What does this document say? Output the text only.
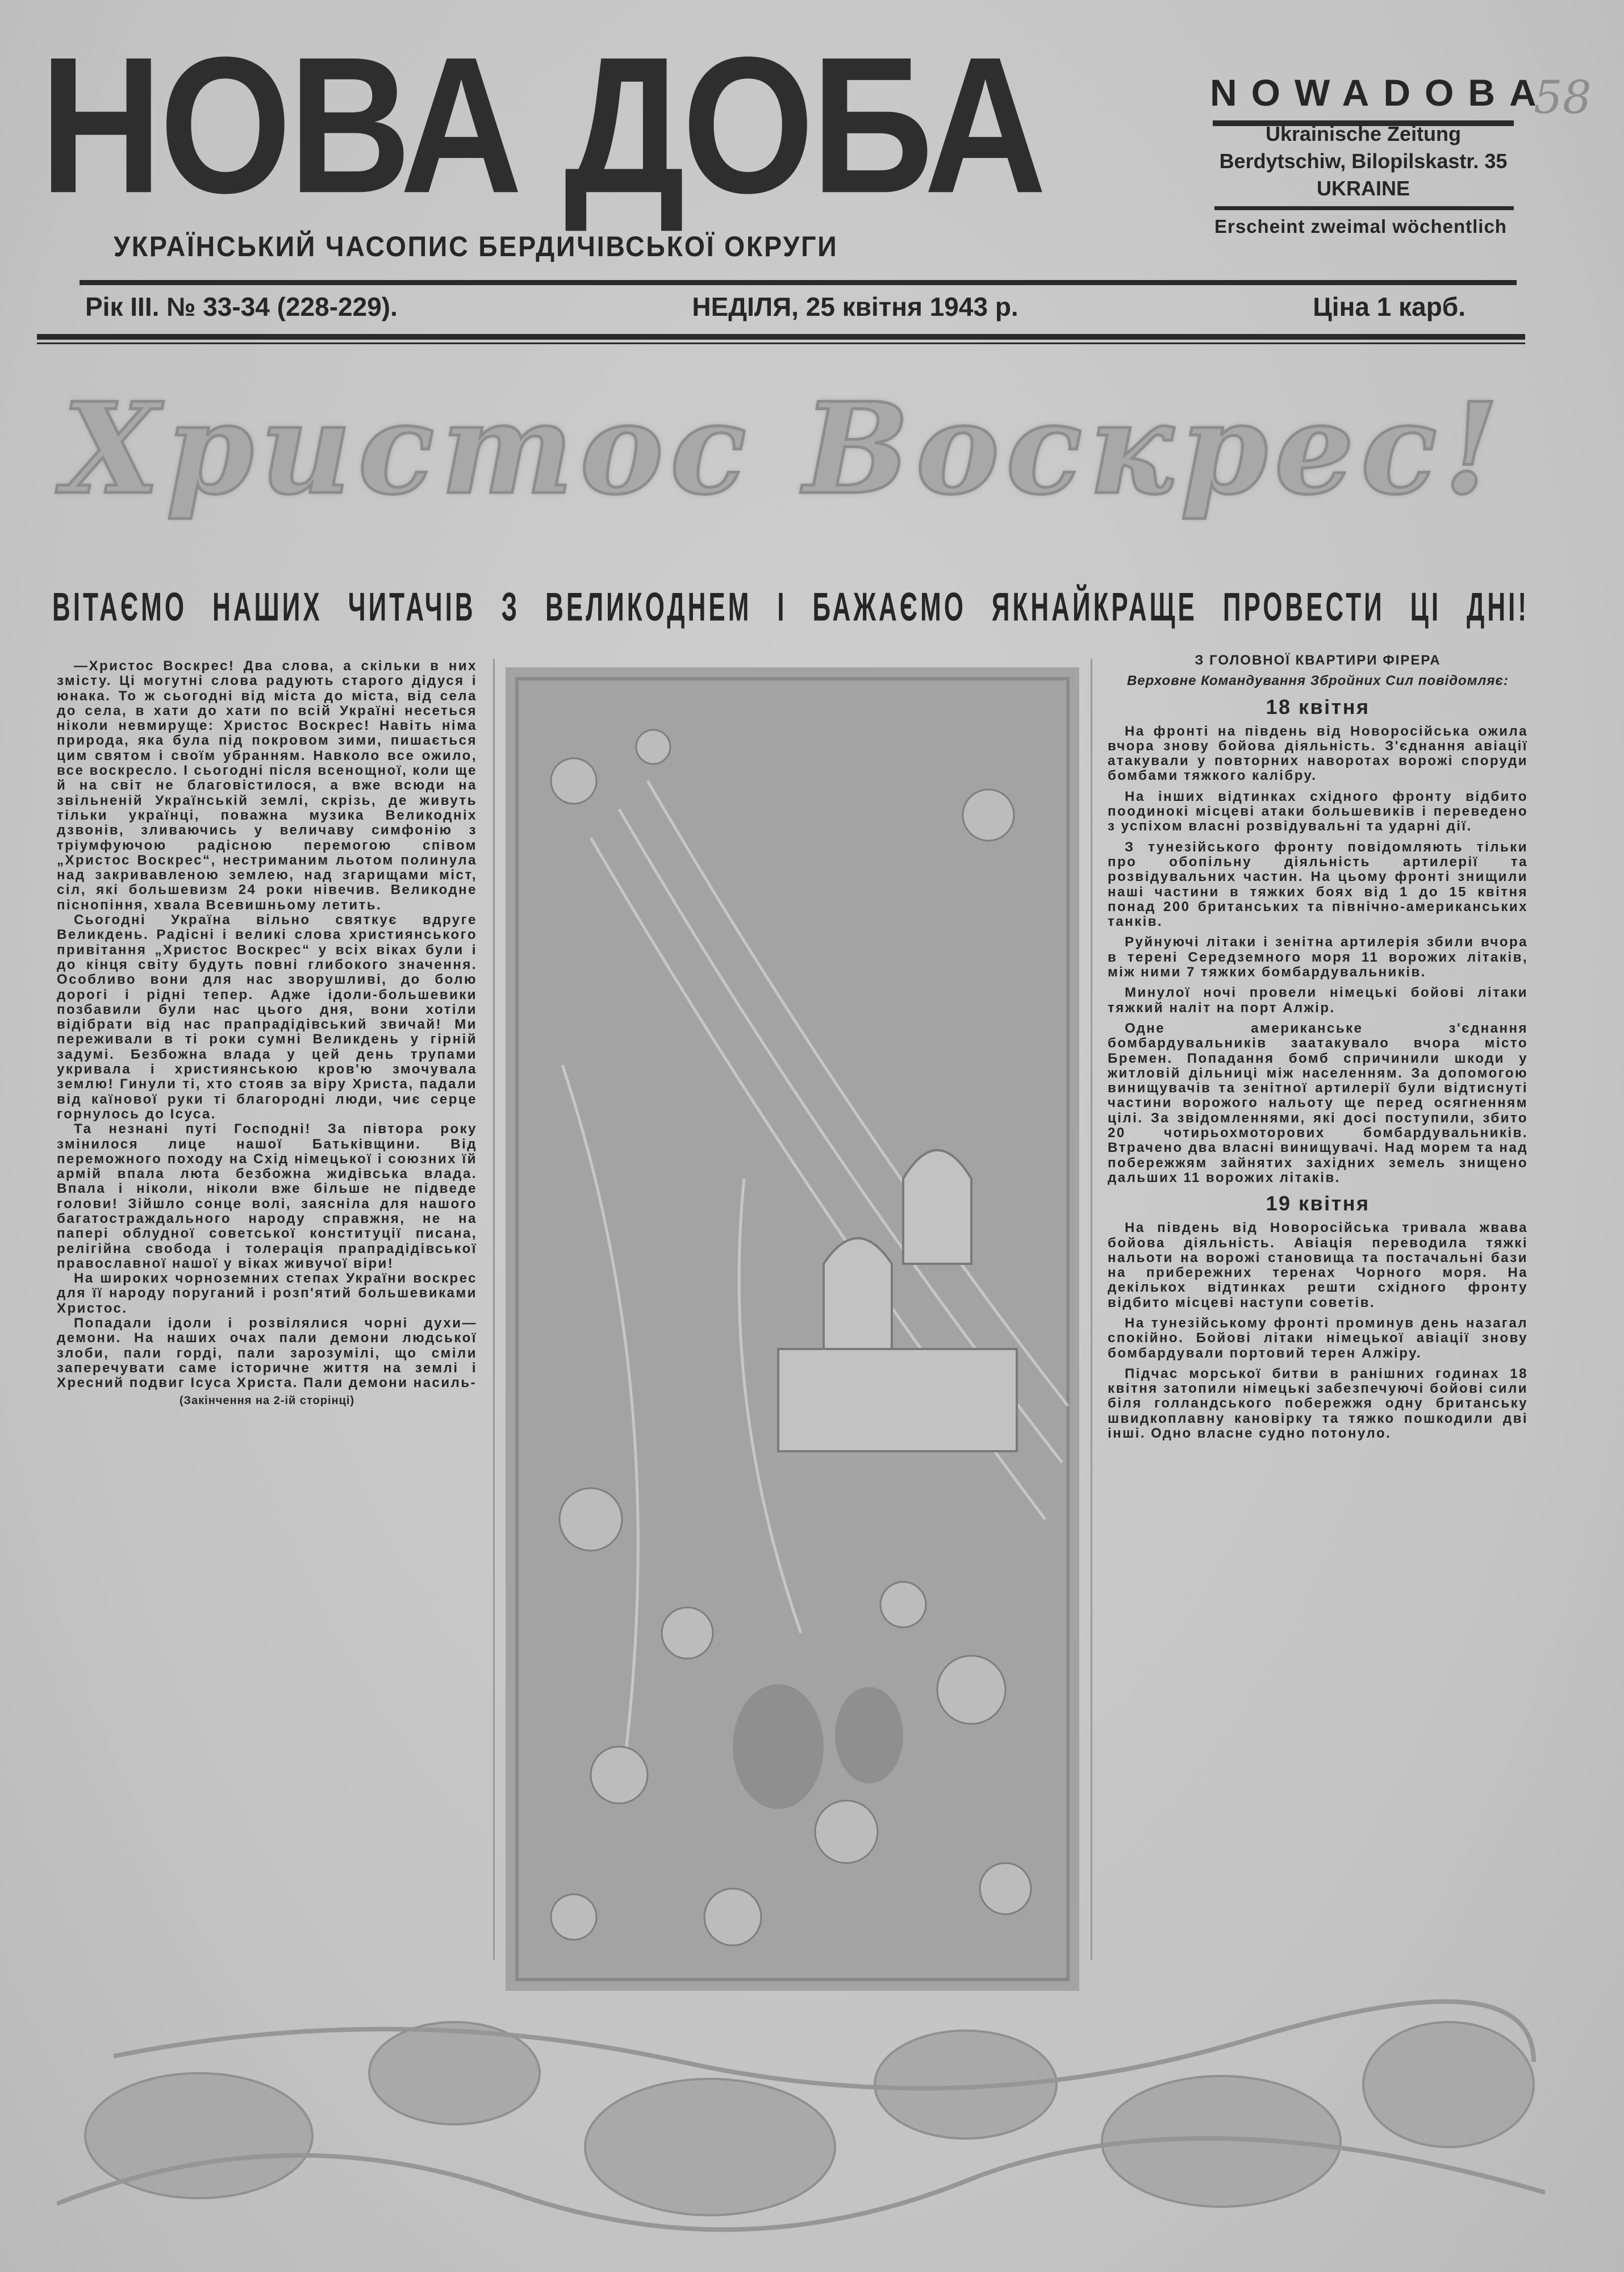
НОВА ДОБА
УКРАЇНСЬКИЙ ЧАСОПИС БЕРДИЧІВСЬКОЇ ОКРУГИ
NOWADOBA
Ukrainische Zeitung
Berdytschiw, Bilopilskastr. 35
UKRAINE
Erscheint zweimal wöchentlich
58
Рік III. № 33-34 (228-229).	НЕДІЛЯ, 25 квітня 1943 р.	Ціна 1 карб.
Христос Воскрес!
ВІТАЄМО НАШИХ ЧИТАЧІВ З ВЕЛИКОДНЕМ І БАЖАЄМО ЯКНАЙКРАЩЕ ПРОВЕСТИ ЦІ ДНІ!

—Христос Воскрес! Два слова, а скільки в них змісту. Ці могутні слова радують старого дідуся і юнака. То ж сьогодні від міста до міста, від села до села, в хати до хати по всій Україні несеться ніколи невмируще: Христос Воскрес! Навіть німа природа, яка була під покровом зими, пишається цим святом і своїм убранням. Навколо все ожило, все воскресло. І сьогодні після всенощної, коли ще й на світ не благовістилося, а вже всюди на звільненій Українській землі, скрізь, де живуть тільки українці, поважна музика Великодніх дзвонів, зливаючись у величаву симфонію з тріумфуючою радісною перемогою співом „Христос Воскрес“, нестриманим льотом полинула над закривавленою землею, над згарищами міст, сіл, які большевизм 24 роки нівечив. Великодне піснопіння, хвала Всевишньому летить.

Сьогодні Україна вільно святкує вдруге Великдень. Радісні і великі слова християнського привітання „Христос Воскрес“ у всіх віках були і до кінця світу будуть повні глибокого значення. Особливо вони для нас зворушливі, до болю дорогі і рідні тепер. Адже ідоли-большевики позбавили були нас цього дня, вони хотіли відібрати від нас прапрадідівський звичай! Ми переживали в ті роки сумні Великдень у гірній задумі. Безбожна влада у цей день трупами укривала і християнською кров'ю змочувала землю! Гинули ті, хто стояв за віру Христа, падали від каїнової руки ті благородні люди, чиє серце горнулось до Ісуса.

Та незнані путі Господні! За півтора року змінилося лице нашої Батьківщини. Від переможного походу на Схід німецької і союзних їй армій впала люта безбожна жидівська влада. Впала і ніколи, ніколи вже більше не підведе голови! Зійшло сонце волі, заясніла для нашого багатостраждального народу справжня, не на папері облудної советської конституції писана, релігійна свобода і толерація прапрадідівської православної нашої у віках живучої віри!

На широких чорноземних степах України воскрес для її народу поруганий і розп'ятий большевиками Христос.

Попадали ідоли і розвілялися чорні духи—демони. На наших очах пали демони людської злоби, пали горді, пали зарозумілі, що сміли заперечувати саме історичне життя на землі і Хресний подвиг Ісуса Христа. Пали демони насиль-

(Закінчення на 2-ій сторінці)

З ГОЛОВНОЇ КВАРТИРИ ФІРЕРА

Верховне Командування Збройних Сил повідомляє:

18 квітня

На фронті на південь від Новоросійська ожила вчора знову бойова діяльність. З'єднання авіації атакували у повторних наворотах ворожі споруди бомбами тяжкого калібру.

На інших відтинках східного фронту відбито поодинокі місцеві атаки большевиків і переведено з успіхом власні розвідувальні та ударні дії.

З тунезійського фронту повідомляють тільки про обопільну діяльність артилерії та розвідувальних частин. На цьому фронті знищили наші частини в тяжких боях від 1 до 15 квітня понад 200 британських та північно-американських танків.

Руйнуючі літаки і зенітна артилерія збили вчора в терені Середземного моря 11 ворожих літаків, між ними 7 тяжких бомбардувальників.

Минулої ночі провели німецькі бойові літаки тяжкий наліт на порт Алжір.

Одне американське з'єднання бомбардувальників заатакувало вчора місто Бремен. Попадання бомб спричинили шкоди у житловій дільниці між населенням. За допомогою винищувачів та зенітної артилерії були відтиснуті частини ворожого нальоту ще перед осягненням цілі. За звідомленнями, які досі поступили, збито 20 чотирьохмоторових бомбардувальників. Втрачено два власні винищувачі. Над морем та над побережжям зайнятих західних земель знищено дальших 11 ворожих літаків.

19 квітня

На південь від Новоросійська тривала жвава бойова діяльність. Авіація переводила тяжкі нальоти на ворожі становища та постачальні бази на прибережних теренах Чорного моря. На декількох відтинках решти східного фронту відбито місцеві наступи советів.

На тунезійському фронті проминув день назагал спокійно. Бойові літаки німецької авіації знову бомбардували портовий терен Алжіру.

Підчас морської битви в ранішних годинах 18 квітня затопили німецькі забезпечуючі бойові сили біля голландського побережжя одну британську швидкоплавну кановірку та тяжко пошкодили дві інші. Одно власне судно потонуло.
